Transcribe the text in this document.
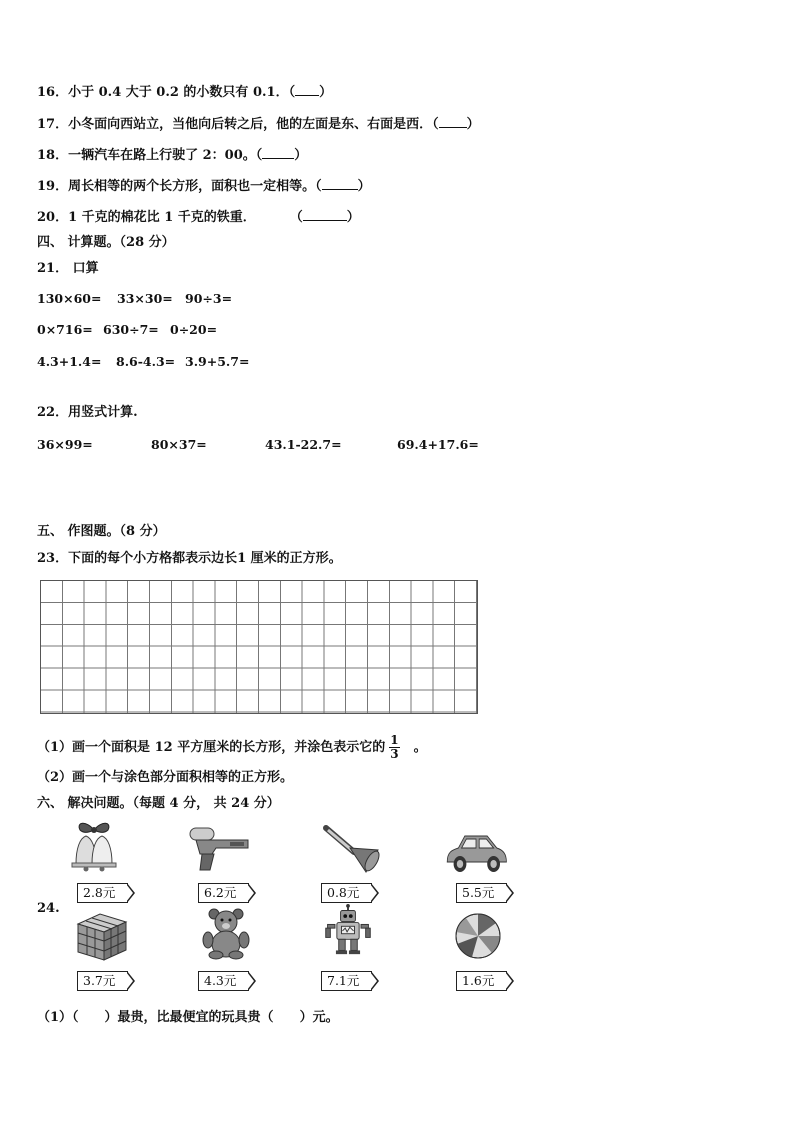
16．小于 0.4 大于 0.2 的小数只有 0.1．（ ）
17．小冬面向西站立，当他向后转之后，他的左面是东、右面是西．（ ）
18．一辆汽车在路上行驶了 2：00。（ ）
19．周长相等的两个长方形，面积也一定相等。（	）
20．1 千克的棉花比 1 千克的铁重．	（	）
四、 计算题。（28 分）
21． 口算
130×60= 33×30= 90÷3=
0×716= 630÷7= 0÷20=
4.3+1.4= 8.6-4.3= 3.9+5.7=
22．用竖式计算.
36×99=	80×37=	43.1-22.7=	69.4+17.6=
五、 作图题。（8 分）
23．下面的每个小方格都表示边长1 厘米的正方形。
（1）画一个面积是 12 平方厘米的长方形，并涂色表示它的 $\frac{1}{3}$ 。
（2）画一个与涂色部分面积相等的正方形。
六、 解决问题。（每题 4 分， 共 24 分）
24.
2.8元	6.2元	0.8元	5.5元
3.7元	4.3元	7.1元	1.6元
（1）（ ）最贵，比最便宜的玩具贵（ ）元。
